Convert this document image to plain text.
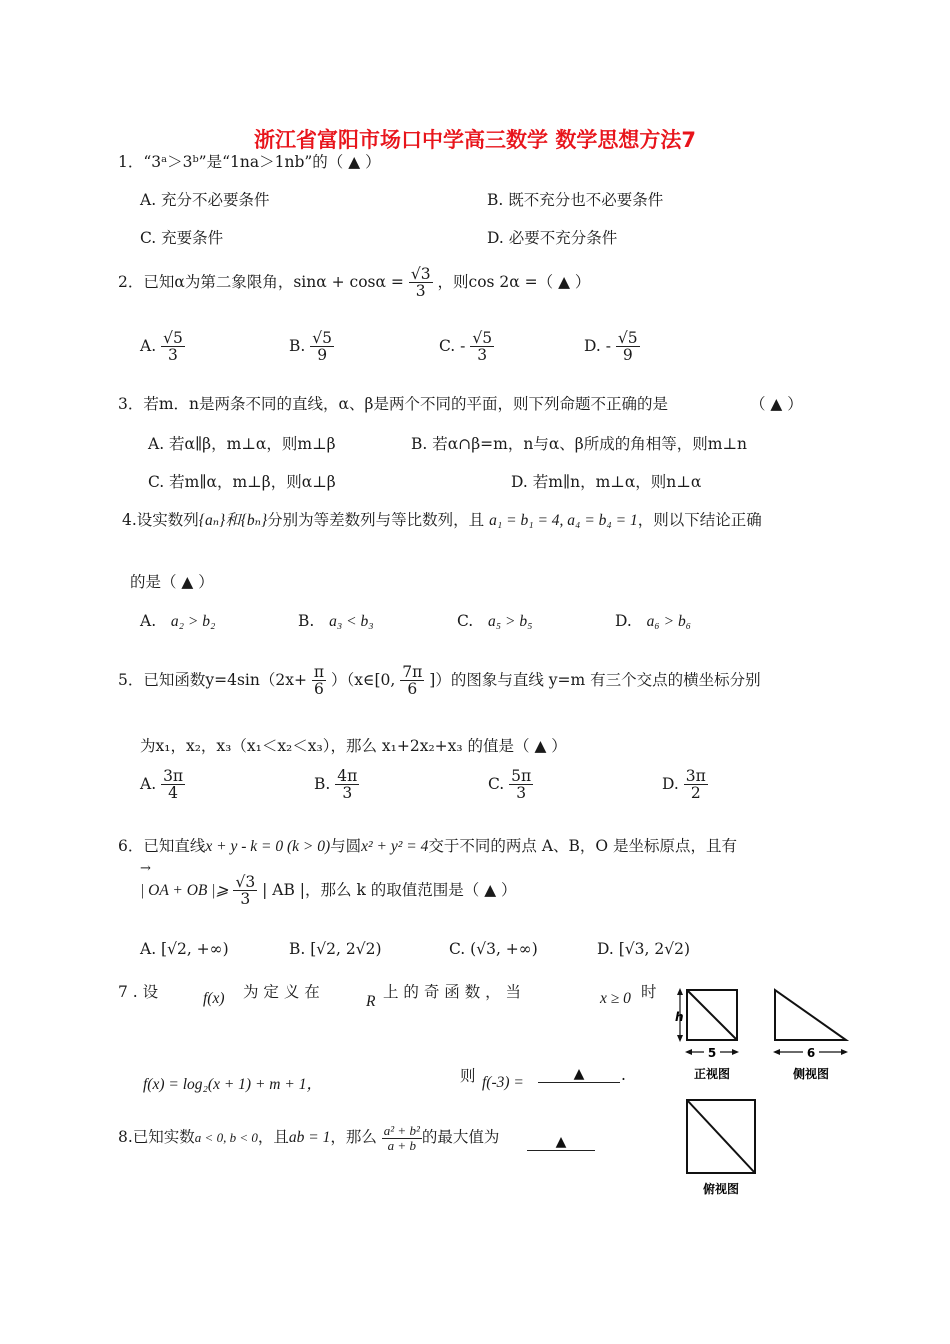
浙江省富阳市场口中学高三数学 数学思想方法7
1．“3ᵃ＞3ᵇ”是“1na＞1nb”的（ ▲ ）
A. 充分不必要条件	B. 既不充分也不必要条件
C. 充要条件	D. 必要不充分条件
2．已知α为第二象限角，$\sin\alpha + \cos\alpha = \frac{√3}{3}$ ，则cos 2α =（ ▲ ）
A. $\frac{√5}{3}$	B. $\frac{√5}{9}$	C. - $\frac{√5}{3}$	D. - $\frac{√5}{9}$
3．若m．n是两条不同的直线，α、β是两个不同的平面，则下列命题不正确的是	（ ▲ ）
A. 若α∥β，m⊥α，则m⊥β	B. 若α∩β=m，n与α、β所成的角相等，则m⊥n
C. 若m∥α，m⊥β，则α⊥β	D. 若m∥n，m⊥α，则n⊥α
4.设实数列{aₙ}和{bₙ}分别为等差数列与等比数列，且 a₁ = b₁ = 4, a₄ = b₄ = 1，则以下结论正确
的是（ ▲ ）
A. a₂ > b₂	B. a₃ < b₃	C. a₅ > b₅	D. a₆ > b₆
5．已知函数$y=4\sin(2x+ \frac{\pi}{6}$ ）（x∈[0, $\frac{7\pi}{6}$ ]）的图象与直线 y=m 有三个交点的横坐标分别
为x₁，x₂，x₃（x₁＜x₂＜x₃），那么 x₁+2x₂+x₃ 的值是（ ▲ ）
A. $\frac{3\pi}{4}$	B. $\frac{4\pi}{3}$	C. $\frac{5\pi}{3}$	D. $\frac{3\pi}{2}$
6．已知直线x + y - k = 0 (k > 0)与圆x² + y² = 4交于不同的两点 A、B，O 是坐标原点，且有
→
| OA + OB |⩾ $\frac{√3}{3}$ | AB |，那么 k 的取值范围是（ ▲ ）
A. [√2, +∞)	B. [√2, 2√2)	C. (√3, +∞)	D. [√3, 2√2)
7 . 设	f(x) 为 定 义 在
R
上 的 奇 函 数 ， 当	x ≥ 0 时
f(x) = log₂(x + 1) + m + 1，	则 f(-3) =	▲	.
8.已知实数a < 0, b < 0，且ab = 1，那么 $\frac{\text{a² + b²}}{a + b}$ 的最大值为	▲
h
5
正视图
6
侧视图
俯视图
